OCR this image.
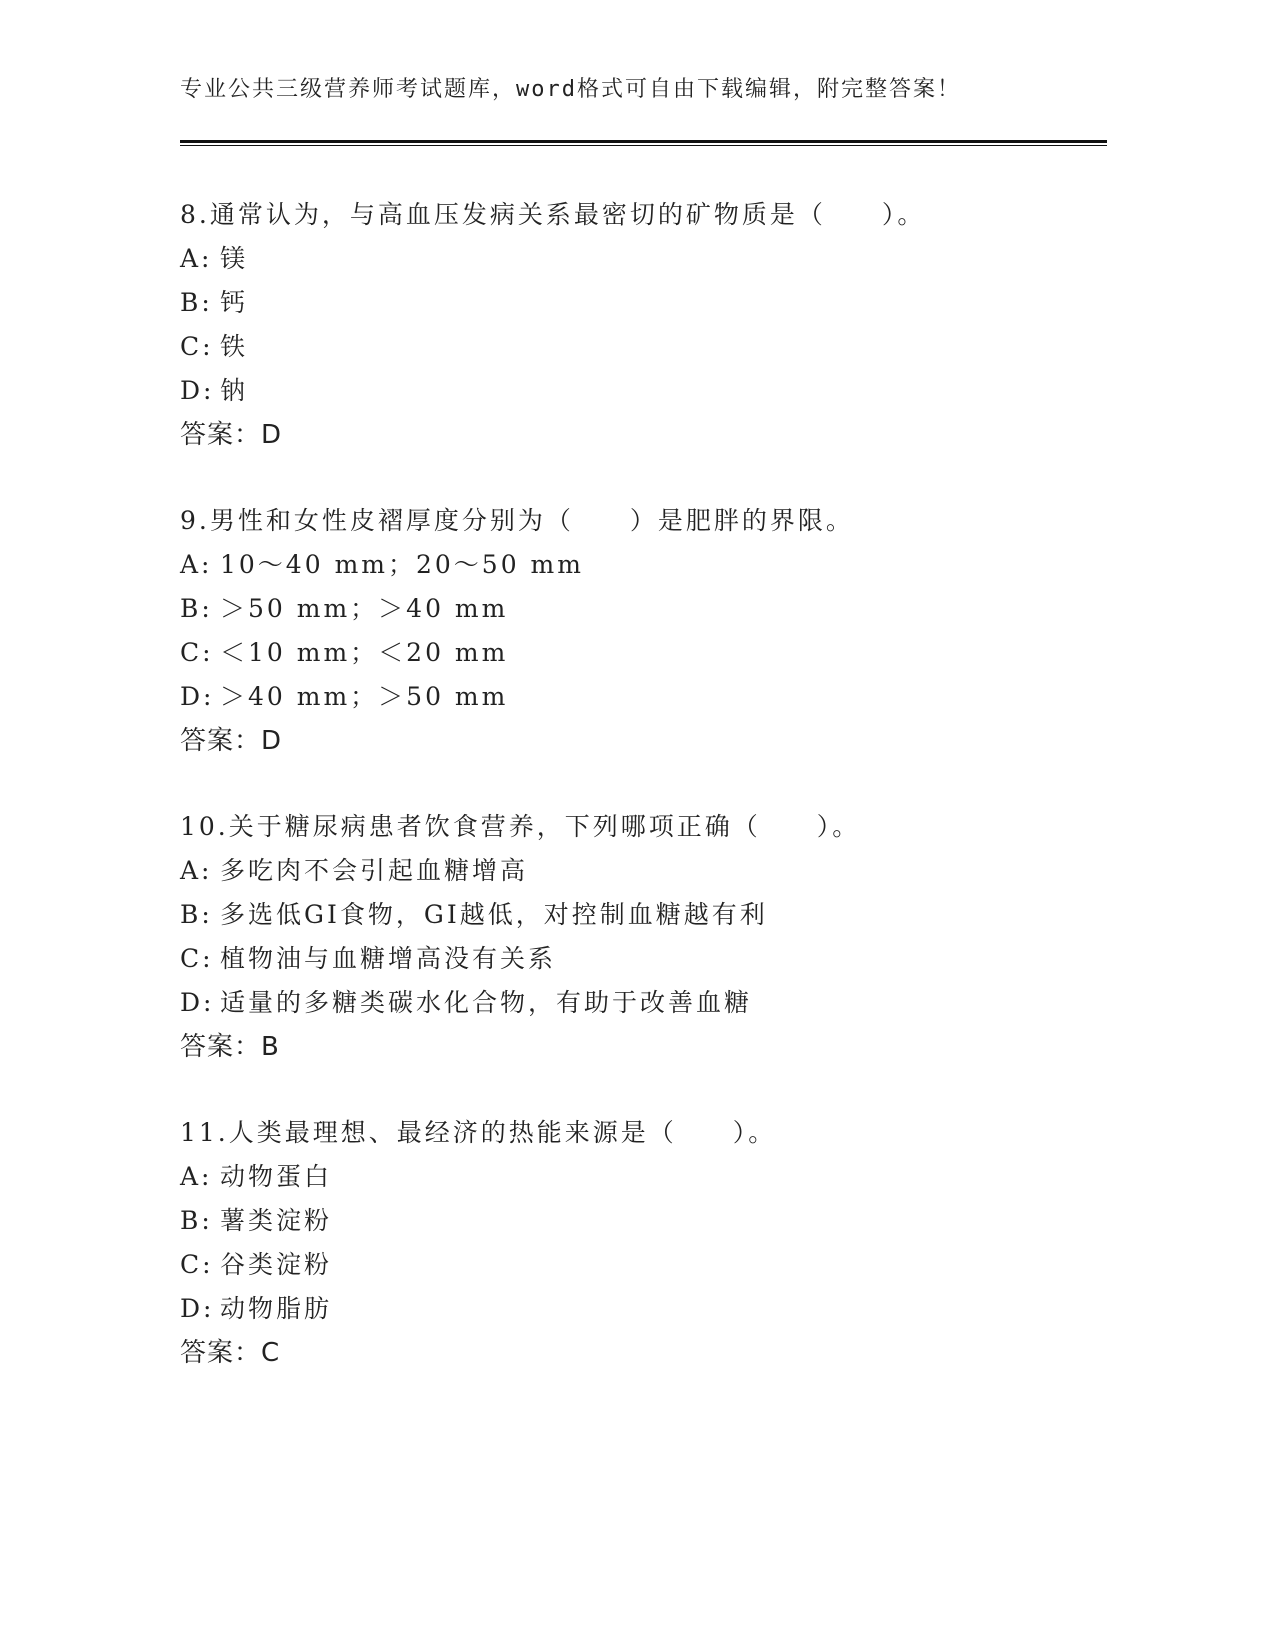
专业公共三级营养师考试题库，word格式可自由下载编辑，附完整答案！
8.通常认为，与高血压发病关系最密切的矿物质是（　　）。
A: 镁
B: 钙
C: 铁
D: 钠
答案：D
9.男性和女性皮褶厚度分别为（　　）是肥胖的界限。
A: 10～40 mm；20～50 mm
B: ＞50 mm；＞40 mm
C: ＜10 mm；＜20 mm
D: ＞40 mm；＞50 mm
答案：D
10.关于糖尿病患者饮食营养，下列哪项正确（　　）。
A: 多吃肉不会引起血糖增高
B: 多选低GI食物，GI越低，对控制血糖越有利
C: 植物油与血糖增高没有关系
D: 适量的多糖类碳水化合物，有助于改善血糖
答案：B
11.人类最理想、最经济的热能来源是（　　）。
A: 动物蛋白
B: 薯类淀粉
C: 谷类淀粉
D: 动物脂肪
答案：C
